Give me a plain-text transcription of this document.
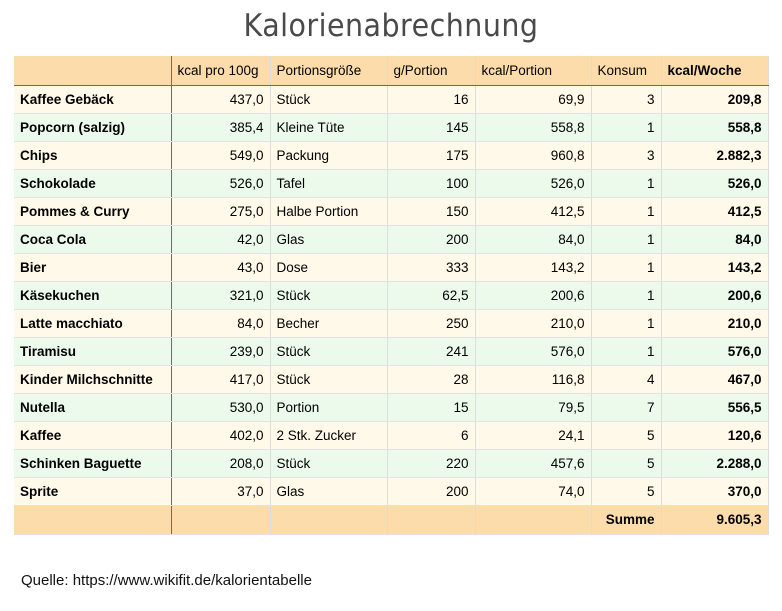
Kalorienabrechnung
	kcal pro 100g	Portionsgröße	g/Portion	kcal/Portion	Konsum	kcal/Woche
Kaffee Gebäck	437,0	Stück	16	69,9	3	209,8
Popcorn (salzig)	385,4	Kleine Tüte	145	558,8	1	558,8
Chips	549,0	Packung	175	960,8	3	2.882,3
Schokolade	526,0	Tafel	100	526,0	1	526,0
Pommes & Curry	275,0	Halbe Portion	150	412,5	1	412,5
Coca Cola	42,0	Glas	200	84,0	1	84,0
Bier	43,0	Dose	333	143,2	1	143,2
Käsekuchen	321,0	Stück	62,5	200,6	1	200,6
Latte macchiato	84,0	Becher	250	210,0	1	210,0
Tiramisu	239,0	Stück	241	576,0	1	576,0
Kinder Milchschnitte	417,0	Stück	28	116,8	4	467,0
Nutella	530,0	Portion	15	79,5	7	556,5
Kaffee	402,0	2 Stk. Zucker	6	24,1	5	120,6
Schinken Baguette	208,0	Stück	220	457,6	5	2.288,0
Sprite	37,0	Glas	200	74,0	5	370,0
					Summe	9.605,3
Quelle: https://www.wikifit.de/kalorientabelle
